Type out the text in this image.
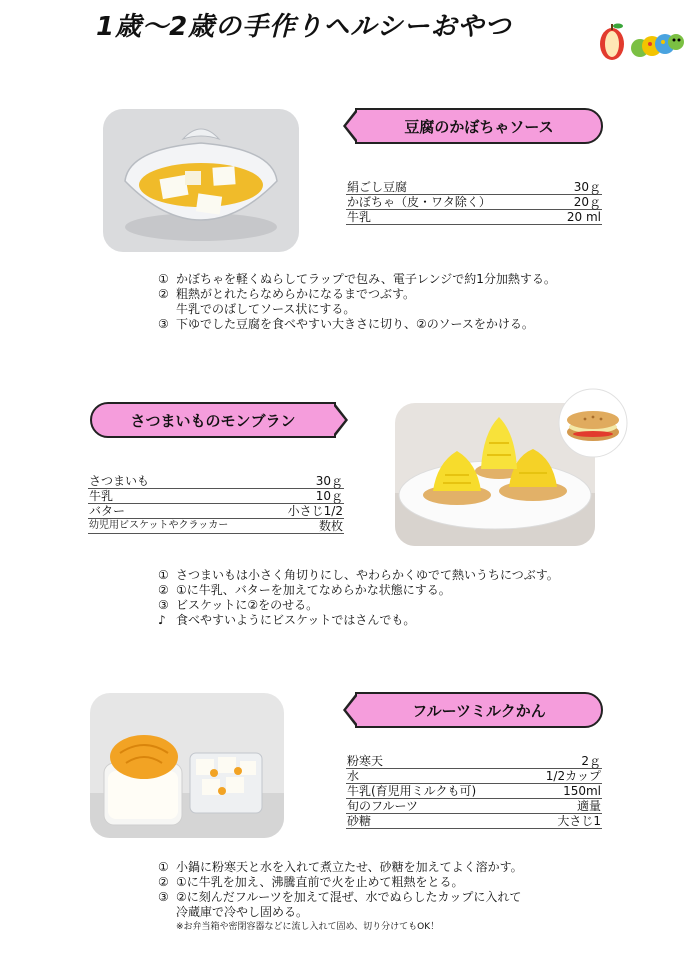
1歳～2歳の手作りヘルシーおやつ
豆腐のかぼちゃソース
絹ごし豆腐	30ｇ
かぼちゃ（皮・ワタ除く）	20ｇ
牛乳	20 ml
① かぼちゃを軽くぬらしてラップで包み、電子レンジで約1分加熱する。
② 粗熱がとれたらなめらかになるまでつぶす。
牛乳でのばしてソース状にする。
③ 下ゆでした豆腐を食べやすい大きさに切り、②のソースをかける。
さつまいものモンブラン
さつまいも	30ｇ
牛乳	10ｇ
バター	小さじ1/2
幼児用ビスケットやクラッカー	数枚
① さつまいもは小さく角切りにし、やわらかくゆでて熱いうちにつぶす。
② ①に牛乳、バターを加えてなめらかな状態にする。
③ ビスケットに②をのせる。
♪ 食べやすいようにビスケットではさんでも。
フルーツミルクかん
粉寒天	2ｇ
水	1/2カップ
牛乳(育児用ミルクも可)	150ml
旬のフルーツ	適量
砂糖	大さじ1
① 小鍋に粉寒天と水を入れて煮立たせ、砂糖を加えてよく溶かす。
② ①に牛乳を加え、沸騰直前で火を止めて粗熱をとる。
③ ②に刻んだフルーツを加えて混ぜ、水でぬらしたカップに入れて
冷蔵庫で冷やし固める。
※お弁当箱や密閉容器などに流し入れて固め、切り分けてもOK！
